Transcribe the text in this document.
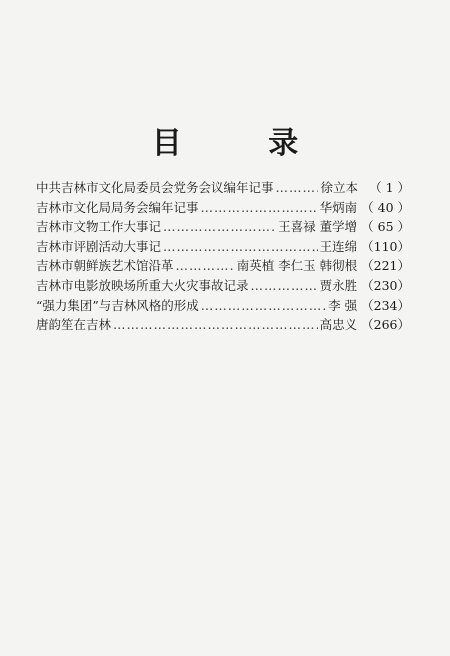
目 录
中共吉林市文化局委员会党务会议编年记事 …………………………………………………………………………………………………………	徐立本 （ 1 ）
吉林市文化局局务会编年记事 …………………………………………………………………………………………………………	华炳南 （ 40 ）
吉林市文物工作大事记 …………………………………………………………………………………………………………	王喜禄 董学增 （ 65 ）
吉林市评剧活动大事记 …………………………………………………………………………………………………………	王连绵 （110）
吉林市朝鲜族艺术馆沿革 …………………………………………………………………………………………………………	南英植 李仁玉 韩彻根 （221）
吉林市电影放映场所重大火灾事故记录 …………………………………………………………………………………………………………	贾永胜 （230）
“强力集团”与吉林风格的形成 …………………………………………………………………………………………………………	李 强 （234）
唐韵笙在吉林 …………………………………………………………………………………………………………	高忠义 （266）
